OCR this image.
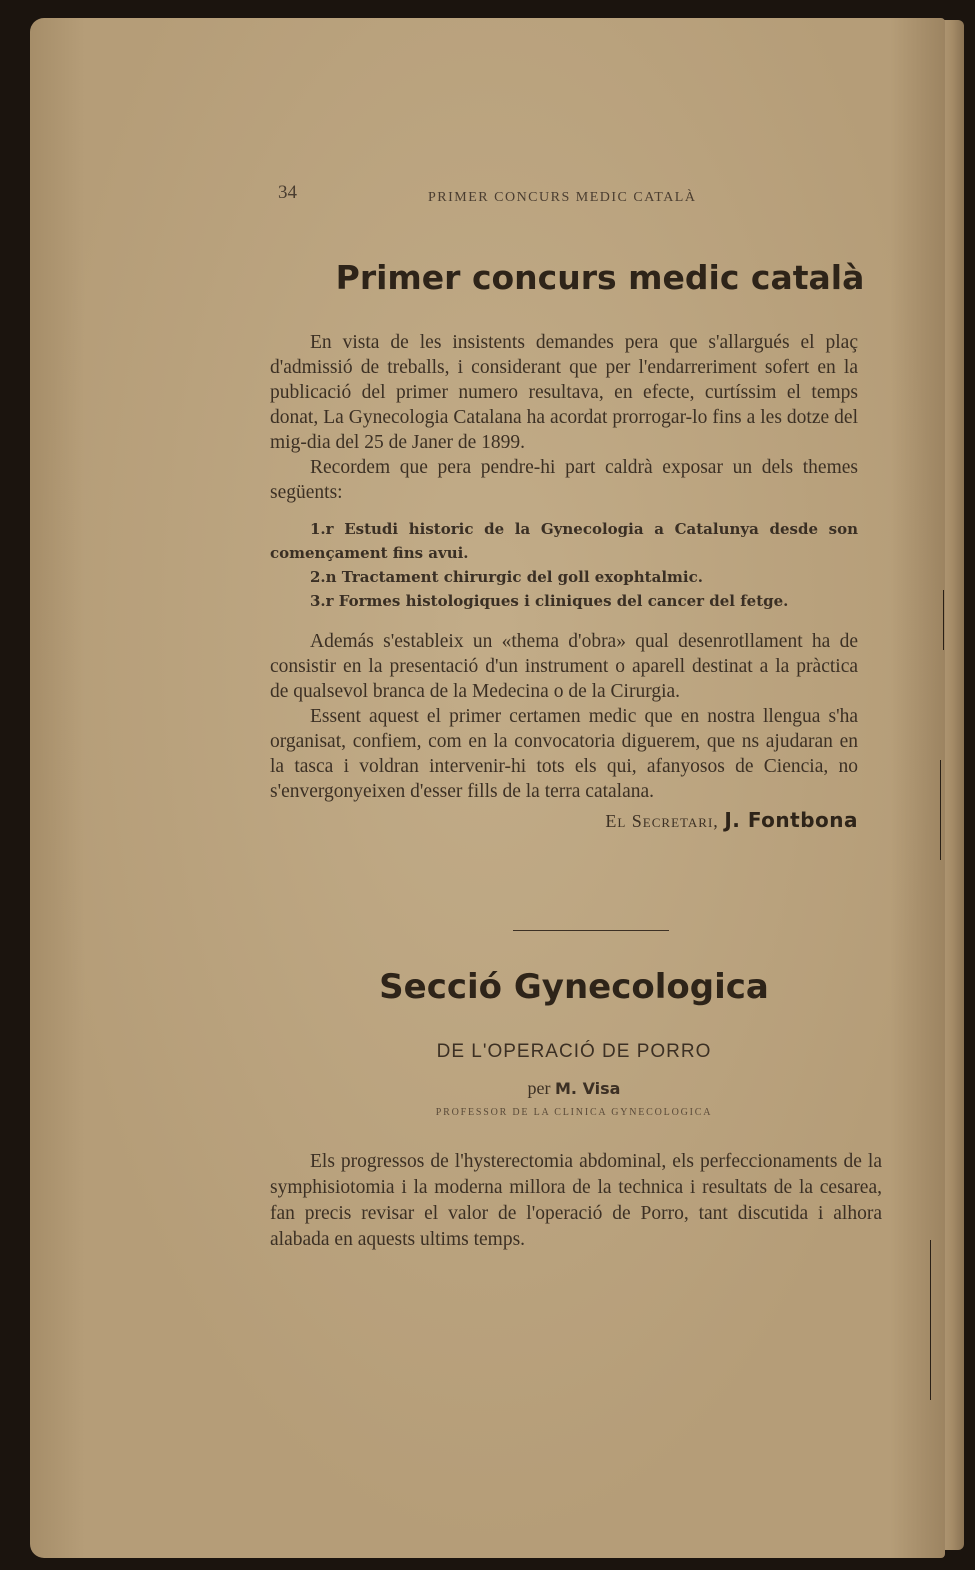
34	PRIMER CONCURS MEDIC CATALÀ
Primer concurs medic català

En vista de les insistents demandes pera que s'allargués el plaç d'admissió de treballs, i considerant que per l'endarreriment sofert en la publicació del primer numero resultava, en efecte, curtíssim el temps donat, La Gynecologia Catalana ha acordat prorrogar-lo fins a les dotze del mig-dia del 25 de Janer de 1899.

Recordem que pera pendre-hi part caldrà exposar un dels themes següents:

1.r Estudi historic de la Gynecologia a Catalunya desde son començament fins avui.
2.n Tractament chirurgic del goll exophtalmic.
3.r Formes histologiques i cliniques del cancer del fetge.

Además s'estableix un «thema d'obra» qual desenrotllament ha de consistir en la presentació d'un instrument o aparell destinat a la pràctica de qualsevol branca de la Medecina o de la Cirurgia.

Essent aquest el primer certamen medic que en nostra llengua s'ha organisat, confiem, com en la convocatoria diguerem, que ns ajudaran en la tasca i voldran intervenir-hi tots els qui, afanyosos de Ciencia, no s'envergonyeixen d'esser fills de la terra catalana.

El Secretari, J. Fontbona
Secció Gynecologica
DE L'OPERACIÓ DE PORRO
per M. Visa
PROFESSOR DE LA CLINICA GYNECOLOGICA

Els progressos de l'hysterectomia abdominal, els perfeccionaments de la symphisiotomia i la moderna millora de la technica i resultats de la cesarea, fan precis revisar el valor de l'operació de Porro, tant discutida i alhora alabada en aquests ultims temps.
